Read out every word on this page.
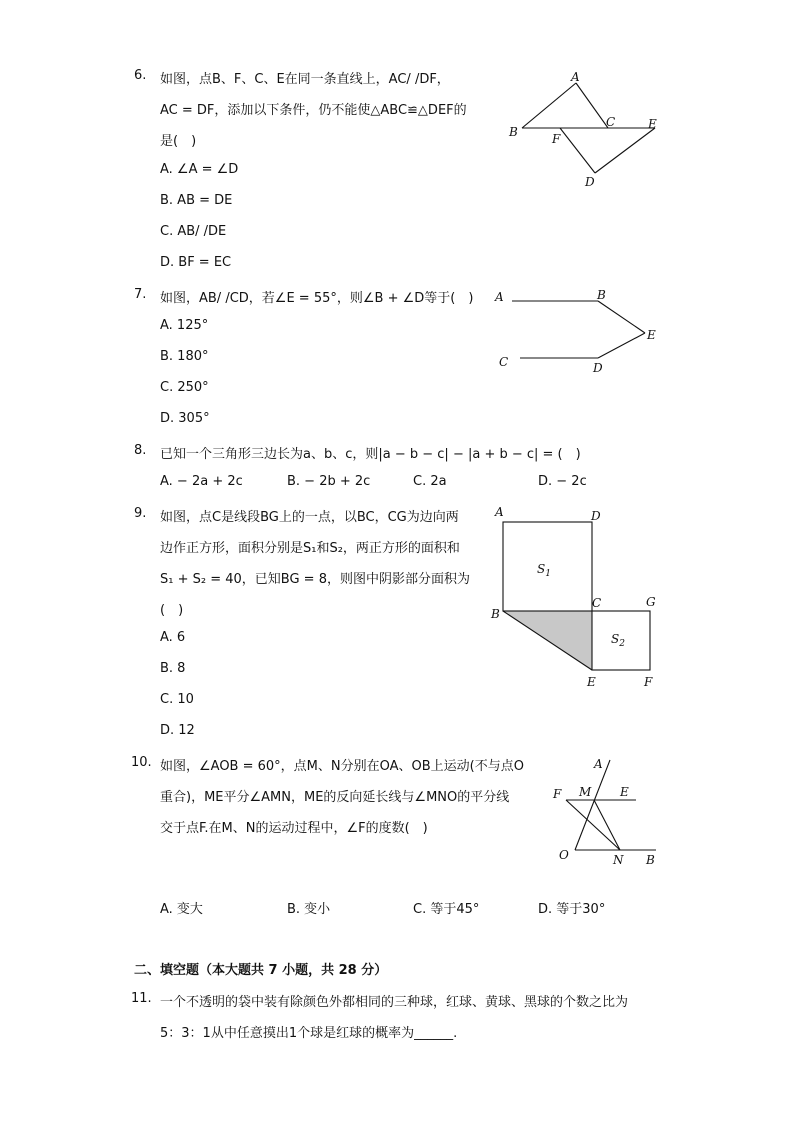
6. 如图，点B、F、C、E在同一条直线上，AC/ /DF，
AC = DF，添加以下条件，仍不能使△ABC≌△DEF的
是(　)
A. ∠A = ∠D
B. AB = DE
C. AB/ /DE
D. BF = EC
A
B	F
C	E
D
7. 如图，AB/ /CD，若∠E = 55°，则∠B + ∠D等于(　)
A. 125°
B. 180°
C. 250°
D. 305°
A	B
E
C	D
8. 已知一个三角形三边长为a、b、c，则|a − b − c| − |a + b − c| = (　)
A. − 2a + 2c	B. − 2b + 2c	C. 2a	D. − 2c
9. 如图，点C是线段BG上的一点，以BC，CG为边向两
边作正方形，面积分别是S₁和S₂，两正方形的面积和
S₁ + S₂ = 40，已知BG = 8，则图中阴影部分面积为
(　)
A. 6
B. 8
C. 10
D. 12
A	D
$S_1$
C	G
B
$S_2$
E	F
10. 如图，∠AOB = 60°，点M、N分别在OA、OB上运动(不与点O
重合)，ME平分∠AMN，ME的反向延长线与∠MNO的平分线
交于点F.在M、N的运动过程中，∠F的度数(　)
A. 变大	B. 变小	C. 等于45°	D. 等于30°
A
F M E
O	N B
二、填空题（本大题共 7 小题，共 28 分）
11. 一个不透明的袋中装有除颜色外都相同的三种球，红球、黄球、黑球的个数之比为
5：3：1从中任意摸出1个球是红球的概率为______.
